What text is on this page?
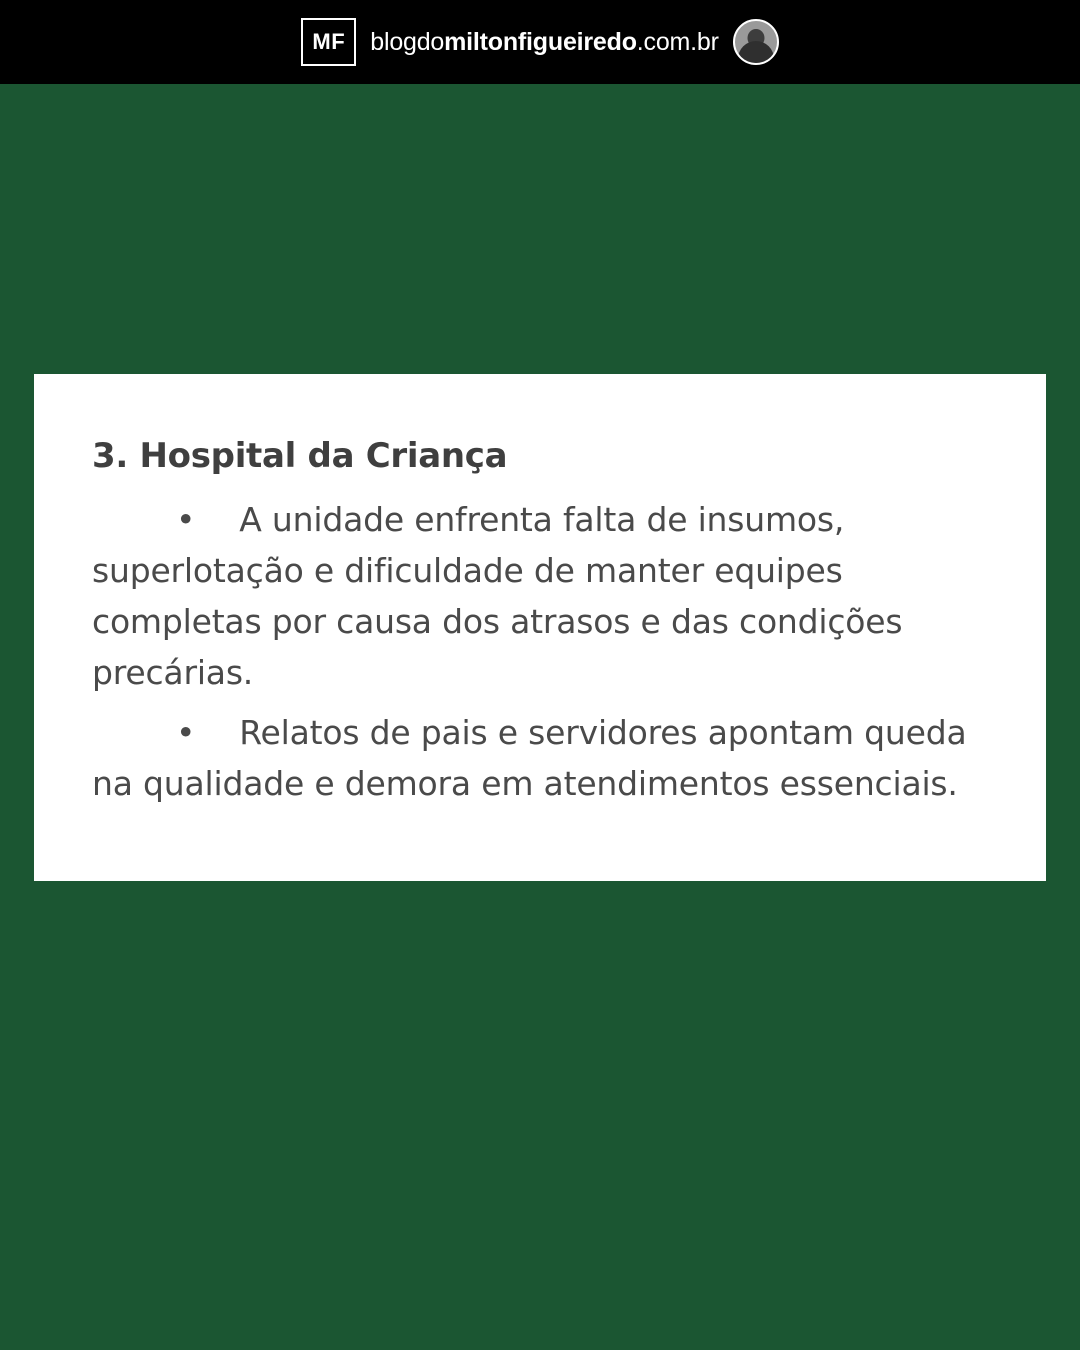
MF blogdomiltonfigueiredo.com.br
3. Hospital da Criança

• A unidade enfrenta falta de insumos, superlotação e dificuldade de manter equipes completas por causa dos atrasos e das condições precárias.

• Relatos de pais e servidores apontam queda na qualidade e demora em atendimentos essenciais.
